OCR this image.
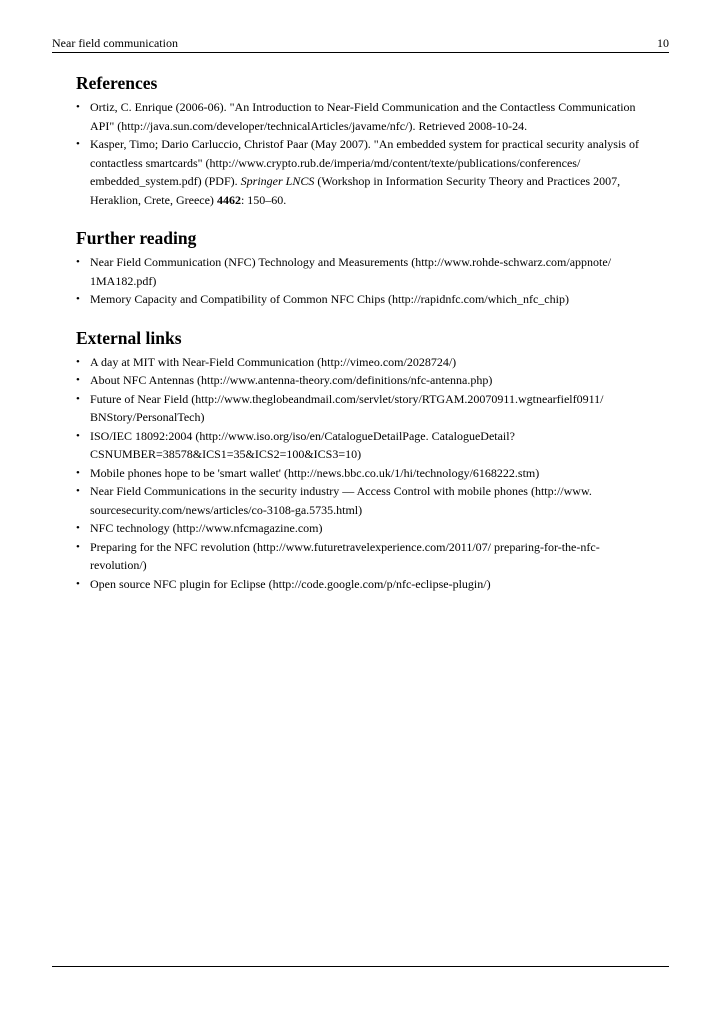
Near field communication	10
References
• Ortiz, C. Enrique (2006-06). "An Introduction to Near-Field Communication and the Contactless Communication API" (http://java.sun.com/developer/technicalArticles/javame/nfc/). Retrieved 2008-10-24.
• Kasper, Timo; Dario Carluccio, Christof Paar (May 2007). "An embedded system for practical security analysis of contactless smartcards" (http://www.crypto.rub.de/imperia/md/content/texte/publications/conferences/ embedded_system.pdf) (PDF). Springer LNCS (Workshop in Information Security Theory and Practices 2007, Heraklion, Crete, Greece) 4462: 150–60.
Further reading
• Near Field Communication (NFC) Technology and Measurements (http://www.rohde-schwarz.com/appnote/ 1MA182.pdf)
• Memory Capacity and Compatibility of Common NFC Chips (http://rapidnfc.com/which_nfc_chip)
External links
• A day at MIT with Near-Field Communication (http://vimeo.com/2028724/)
• About NFC Antennas (http://www.antenna-theory.com/definitions/nfc-antenna.php)
• Future of Near Field (http://www.theglobeandmail.com/servlet/story/RTGAM.20070911.wgtnearfielf0911/ BNStory/PersonalTech)
• ISO/IEC 18092:2004 (http://www.iso.org/iso/en/CatalogueDetailPage. CatalogueDetail?CSNUMBER=38578&ICS1=35&ICS2=100&ICS3=10)
• Mobile phones hope to be 'smart wallet' (http://news.bbc.co.uk/1/hi/technology/6168222.stm)
• Near Field Communications in the security industry — Access Control with mobile phones (http://www. sourcesecurity.com/news/articles/co-3108-ga.5735.html)
• NFC technology (http://www.nfcmagazine.com)
• Preparing for the NFC revolution (http://www.futuretravelexperience.com/2011/07/ preparing-for-the-nfc-revolution/)
• Open source NFC plugin for Eclipse (http://code.google.com/p/nfc-eclipse-plugin/)
